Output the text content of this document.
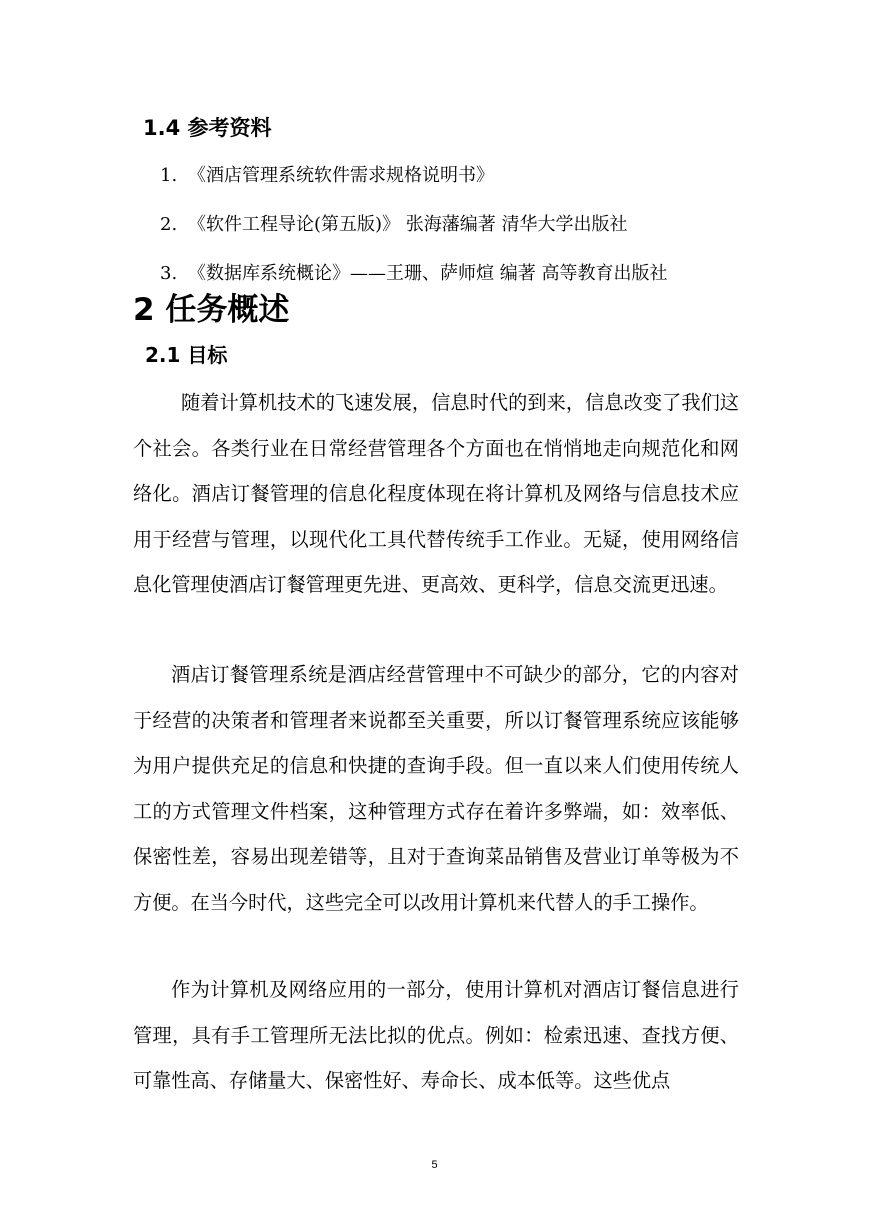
1.4 参考资料
1. 《酒店管理系统软件需求规格说明书》
2. 《软件工程导论(第五版)》 张海藩编著 清华大学出版社
3. 《数据库系统概论》——王珊、萨师煊 编著 高等教育出版社
2 任务概述
2.1 目标

随着计算机技术的飞速发展，信息时代的到来，信息改变了我们这个社会。各类行业在日常经营管理各个方面也在悄悄地走向规范化和网络化。酒店订餐管理的信息化程度体现在将计算机及网络与信息技术应用于经营与管理，以现代化工具代替传统手工作业。无疑，使用网络信息化管理使酒店订餐管理更先进、更高效、更科学，信息交流更迅速。

酒店订餐管理系统是酒店经营管理中不可缺少的部分，它的内容对于经营的决策者和管理者来说都至关重要，所以订餐管理系统应该能够为用户提供充足的信息和快捷的查询手段。但一直以来人们使用传统人工的方式管理文件档案，这种管理方式存在着许多弊端，如：效率低、保密性差，容易出现差错等，且对于查询菜品销售及营业订单等极为不方便。在当今时代，这些完全可以改用计算机来代替人的手工操作。

作为计算机及网络应用的一部分，使用计算机对酒店订餐信息进行管理，具有手工管理所无法比拟的优点。例如：检索迅速、查找方便、可靠性高、存储量大、保密性好、寿命长、成本低等。这些优点

5
